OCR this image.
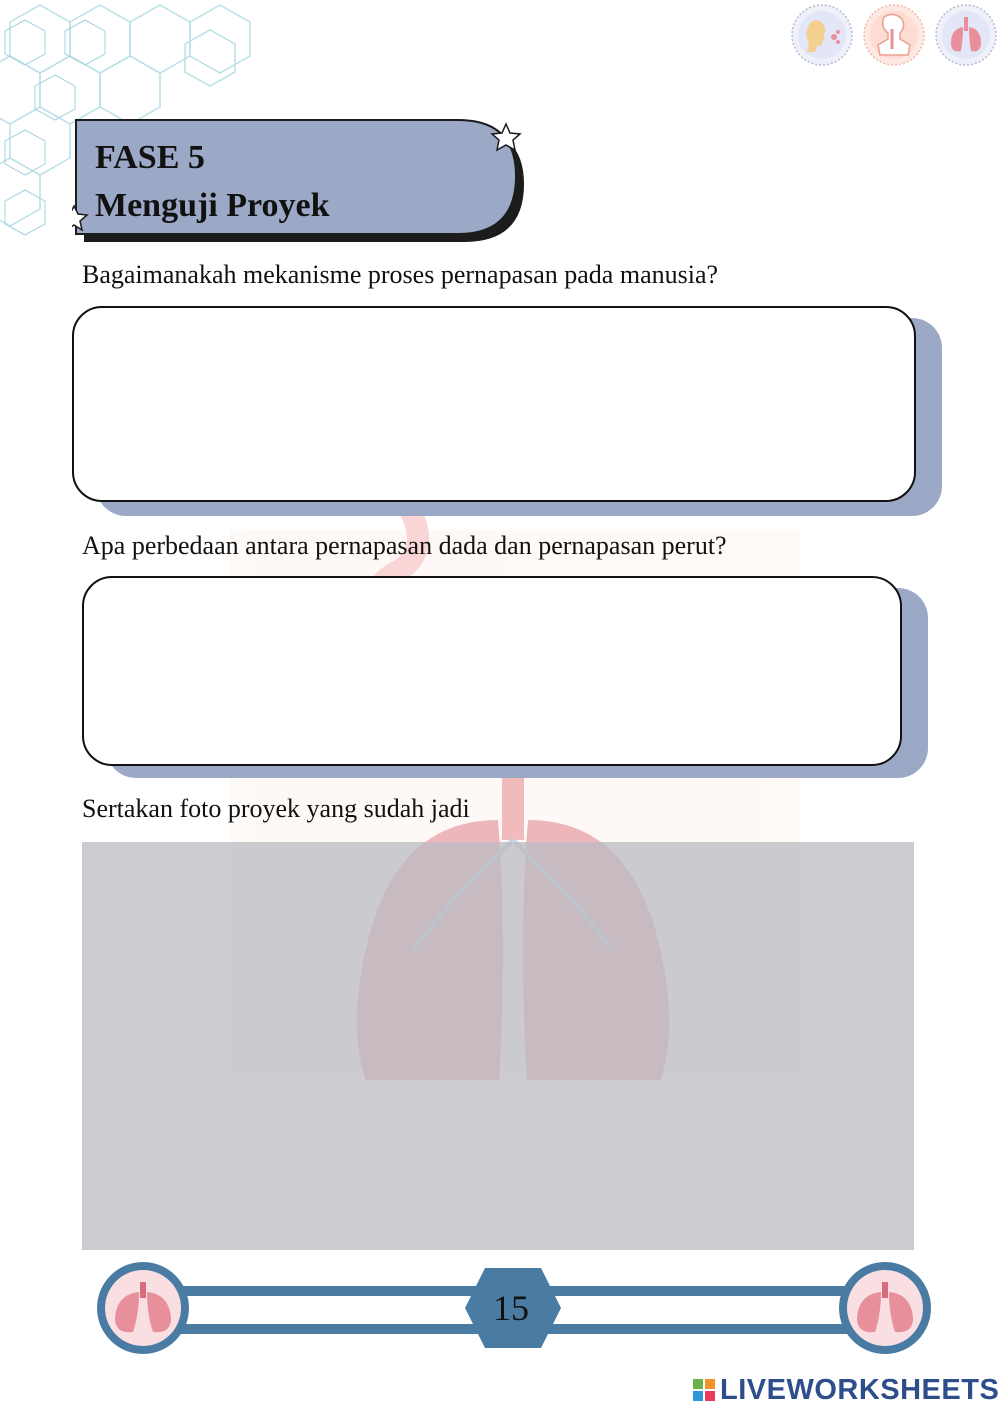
FASE 5
Menguji Proyek
Bagaimanakah mekanisme proses pernapasan pada manusia?
Apa perbedaan antara pernapasan dada dan pernapasan perut?
Sertakan foto proyek yang sudah jadi
15
LIVEWORKSHEETS
